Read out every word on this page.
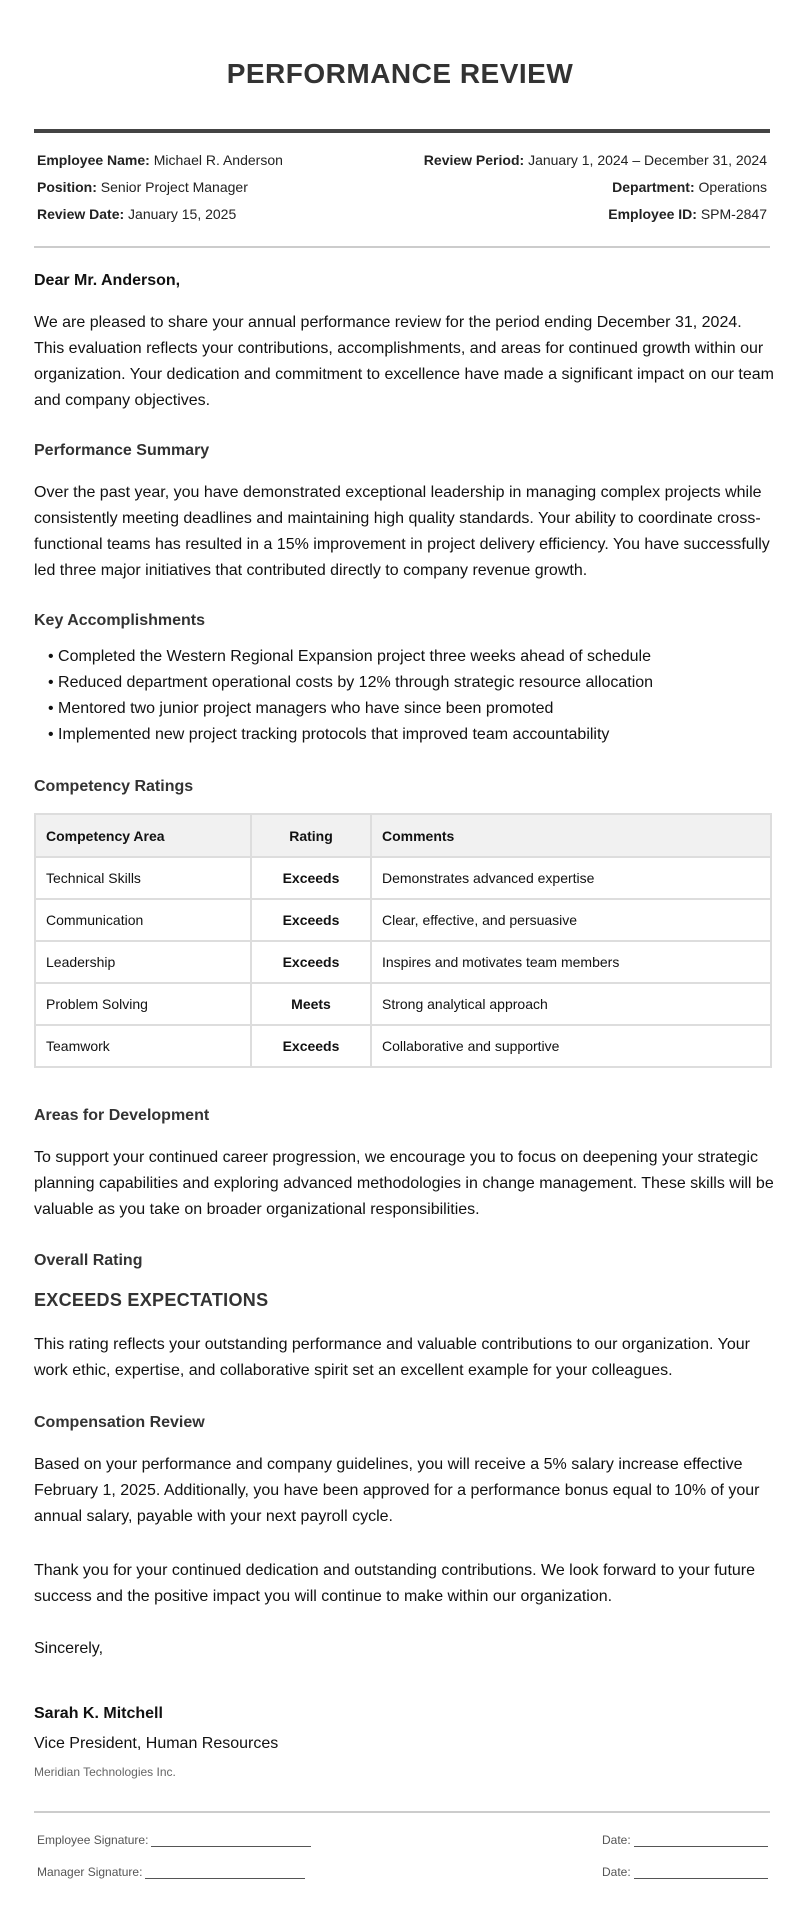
PERFORMANCE REVIEW
Employee Name: Michael R. Anderson
Position: Senior Project Manager
Review Date: January 15, 2025
Review Period: January 1, 2024 – December 31, 2024
Department: Operations
Employee ID: SPM-2847
Dear Mr. Anderson,
We are pleased to share your annual performance review for the period ending December 31, 2024. This evaluation reflects your contributions, accomplishments, and areas for continued growth within our organization. Your dedication and commitment to excellence have made a significant impact on our team and company objectives.
Performance Summary
Over the past year, you have demonstrated exceptional leadership in managing complex projects while consistently meeting deadlines and maintaining high quality standards. Your ability to coordinate cross-functional teams has resulted in a 15% improvement in project delivery efficiency. You have successfully led three major initiatives that contributed directly to company revenue growth.
Key Accomplishments
• Completed the Western Regional Expansion project three weeks ahead of schedule
• Reduced department operational costs by 12% through strategic resource allocation
• Mentored two junior project managers who have since been promoted
• Implemented new project tracking protocols that improved team accountability
Competency Ratings
Competency Area	Rating	Comments
Technical Skills	Exceeds	Demonstrates advanced expertise
Communication	Exceeds	Clear, effective, and persuasive
Leadership	Exceeds	Inspires and motivates team members
Problem Solving	Meets	Strong analytical approach
Teamwork	Exceeds	Collaborative and supportive
Areas for Development
To support your continued career progression, we encourage you to focus on deepening your strategic planning capabilities and exploring advanced methodologies in change management. These skills will be valuable as you take on broader organizational responsibilities.
Overall Rating
EXCEEDS EXPECTATIONS
This rating reflects your outstanding performance and valuable contributions to our organization. Your work ethic, expertise, and collaborative spirit set an excellent example for your colleagues.
Compensation Review
Based on your performance and company guidelines, you will receive a 5% salary increase effective February 1, 2025. Additionally, you have been approved for a performance bonus equal to 10% of your annual salary, payable with your next payroll cycle.
Thank you for your continued dedication and outstanding contributions. We look forward to your future success and the positive impact you will continue to make within our organization.
Sincerely,
Sarah K. Mitchell
Vice President, Human Resources
Meridian Technologies Inc.
Employee Signature:	Date:
Manager Signature:	Date:
